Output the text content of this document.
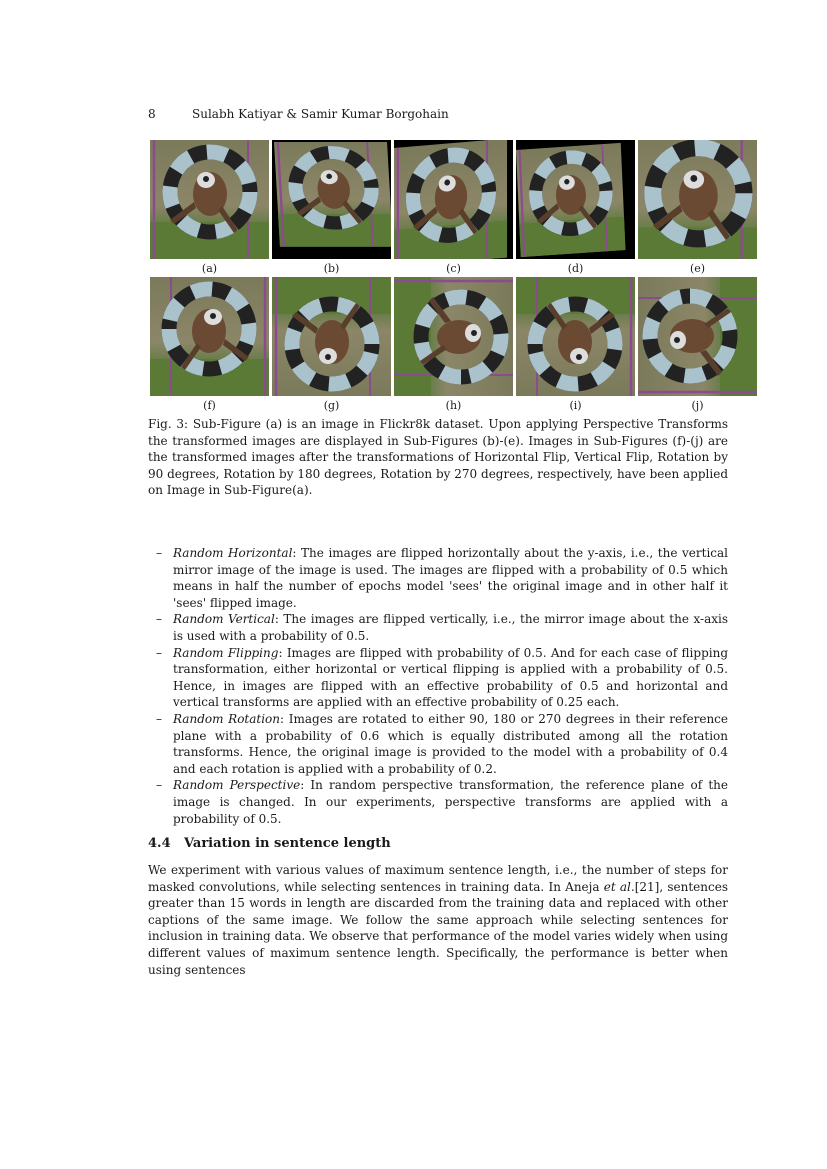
8	Sulabh Katiyar & Samir Kumar Borgohain
(a)	(b)	(c)	(d)	(e)
(f)	(g)	(h)	(i)	(j)
Fig. 3: Sub-Figure (a) is an image in Flickr8k dataset. Upon applying Perspective Transforms the transformed images are displayed in Sub-Figures (b)-(e). Images in Sub-Figures (f)-(j) are the transformed images after the transformations of Horizontal Flip, Vertical Flip, Rotation by 90 degrees, Rotation by 180 degrees, Rotation by 270 degrees, respectively, have been applied on Image in Sub-Figure(a).
– Random Horizontal: The images are flipped horizontally about the y-axis, i.e., the vertical mirror image of the image is used. The images are flipped with a probability of 0.5 which means in half the number of epochs model 'sees' the original image and in other half it 'sees' flipped image.
– Random Vertical: The images are flipped vertically, i.e., the mirror image about the x-axis is used with a probability of 0.5.
– Random Flipping: Images are flipped with probability of 0.5. And for each case of flipping transformation, either horizontal or vertical flipping is applied with a probability of 0.5. Hence, in images are flipped with an effective probability of 0.5 and horizontal and vertical transforms are applied with an effective probability of 0.25 each.
– Random Rotation: Images are rotated to either 90, 180 or 270 degrees in their reference plane with a probability of 0.6 which is equally distributed among all the rotation transforms. Hence, the original image is provided to the model with a probability of 0.4 and each rotation is applied with a probability of 0.2.
– Random Perspective: In random perspective transformation, the reference plane of the image is changed. In our experiments, perspective transforms are applied with a probability of 0.5.
4.4 Variation in sentence length
We experiment with various values of maximum sentence length, i.e., the number of steps for masked convolutions, while selecting sentences in training data. In Aneja et al.[21], sentences greater than 15 words in length are discarded from the training data and replaced with other captions of the same image. We follow the same approach while selecting sentences for inclusion in training data. We observe that performance of the model varies widely when using different values of maximum sentence length. Specifically, the performance is better when using sentences
